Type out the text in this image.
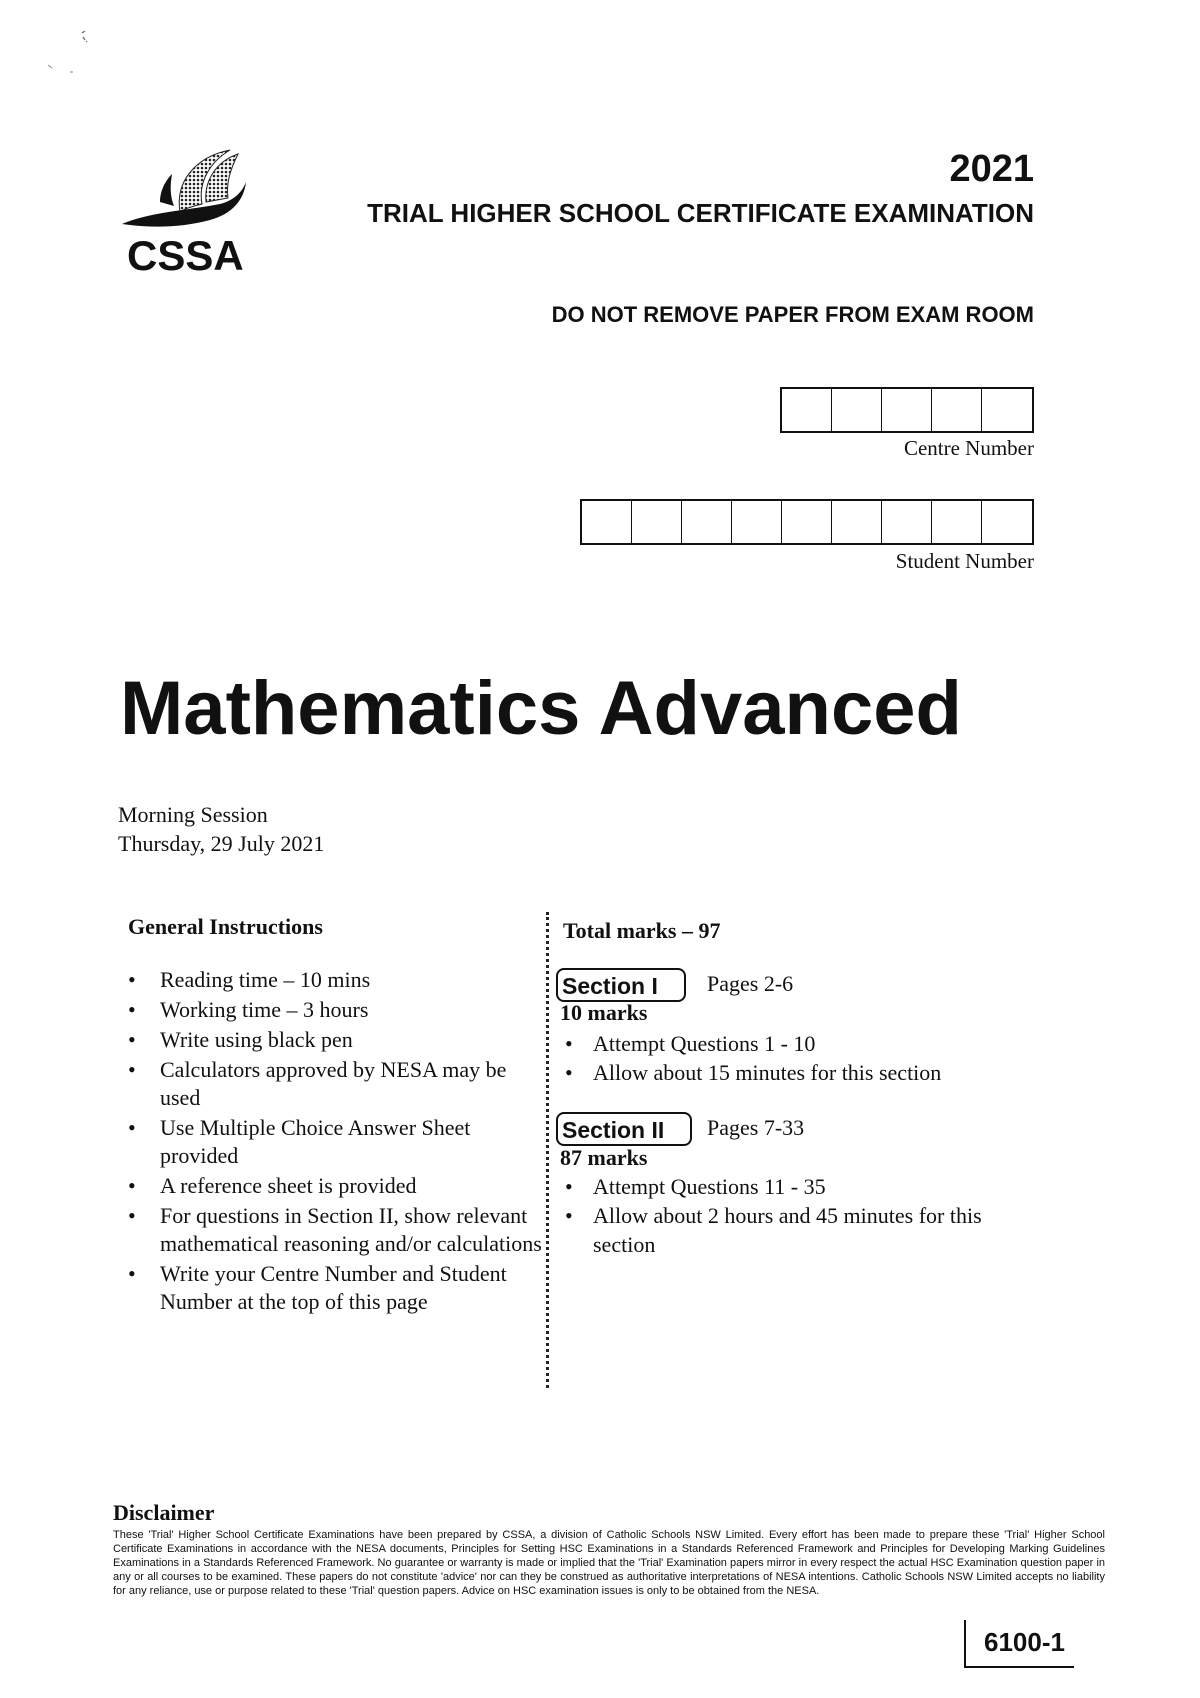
CSSA
2021
TRIAL HIGHER SCHOOL CERTIFICATE EXAMINATION
DO NOT REMOVE PAPER FROM EXAM ROOM
Centre Number
Student Number
Mathematics Advanced
Morning Session
Thursday, 29 July 2021
General Instructions
• Reading time – 10 mins
• Working time – 3 hours
• Write using black pen
• Calculators approved by NESA may be used
• Use Multiple Choice Answer Sheet provided
• A reference sheet is provided
• For questions in Section II, show relevant mathematical reasoning and/or calculations
• Write your Centre Number and Student Number at the top of this page
Total marks – 97
Section I	Pages 2-6
10 marks
• Attempt Questions 1 - 10
• Allow about 15 minutes for this section
Section II	Pages 7-33
87 marks
• Attempt Questions 11 - 35
• Allow about 2 hours and 45 minutes for this section
Disclaimer
These 'Trial' Higher School Certificate Examinations have been prepared by CSSA, a division of Catholic Schools NSW Limited. Every effort has been made to prepare these 'Trial' Higher School Certificate Examinations in accordance with the NESA documents, Principles for Setting HSC Examinations in a Standards Referenced Framework and Principles for Developing Marking Guidelines Examinations in a Standards Referenced Framework. No guarantee or warranty is made or implied that the 'Trial' Examination papers mirror in every respect the actual HSC Examination question paper in any or all courses to be examined. These papers do not constitute 'advice' nor can they be construed as authoritative interpretations of NESA intentions. Catholic Schools NSW Limited accepts no liability for any reliance, use or purpose related to these 'Trial' question papers. Advice on HSC examination issues is only to be obtained from the NESA.
6100-1
